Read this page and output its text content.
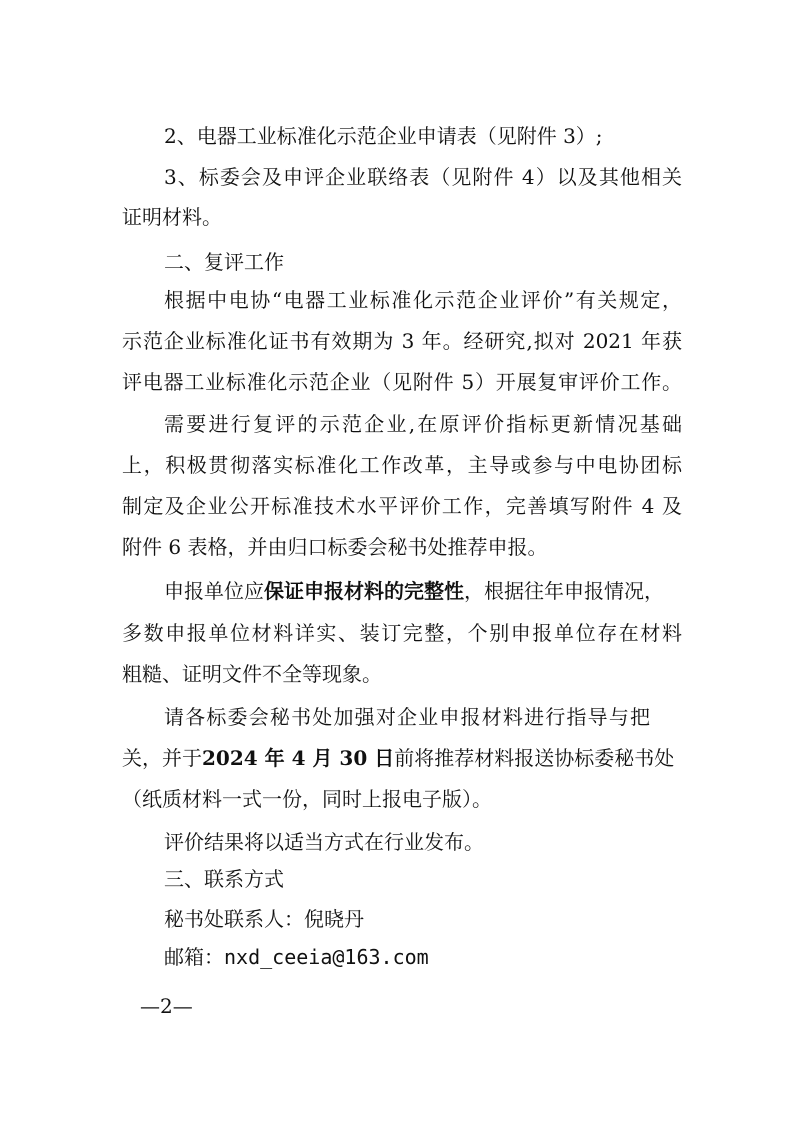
2、电器工业标准化示范企业申请表（见附件 3）;
3、标委会及申评企业联络表（见附件 4）以及其他相关
证明材料。
二、复评工作
根据中电协“电器工业标准化示范企业评价”有关规定，
示范企业标准化证书有效期为 3 年。经研究,拟对 2021 年获
评电器工业标准化示范企业（见附件 5）开展复审评价工作。
需要进行复评的示范企业,在原评价指标更新情况基础
上，积极贯彻落实标准化工作改革，主导或参与中电协团标
制定及企业公开标准技术水平评价工作，完善填写附件 4 及
附件 6 表格，并由归口标委会秘书处推荐申报。
申报单位应保证申报材料的完整性，根据往年申报情况，
多数申报单位材料详实、装订完整，个别申报单位存在材料
粗糙、证明文件不全等现象。
请各标委会秘书处加强对企业申报材料进行指导与把
关，并于2024 年 4 月 30 日前将推荐材料报送协标委秘书处
（纸质材料一式一份，同时上报电子版）。
评价结果将以适当方式在行业发布。
三、联系方式
秘书处联系人：倪晓丹
邮箱：nxd_ceeia@163.com
—2—
